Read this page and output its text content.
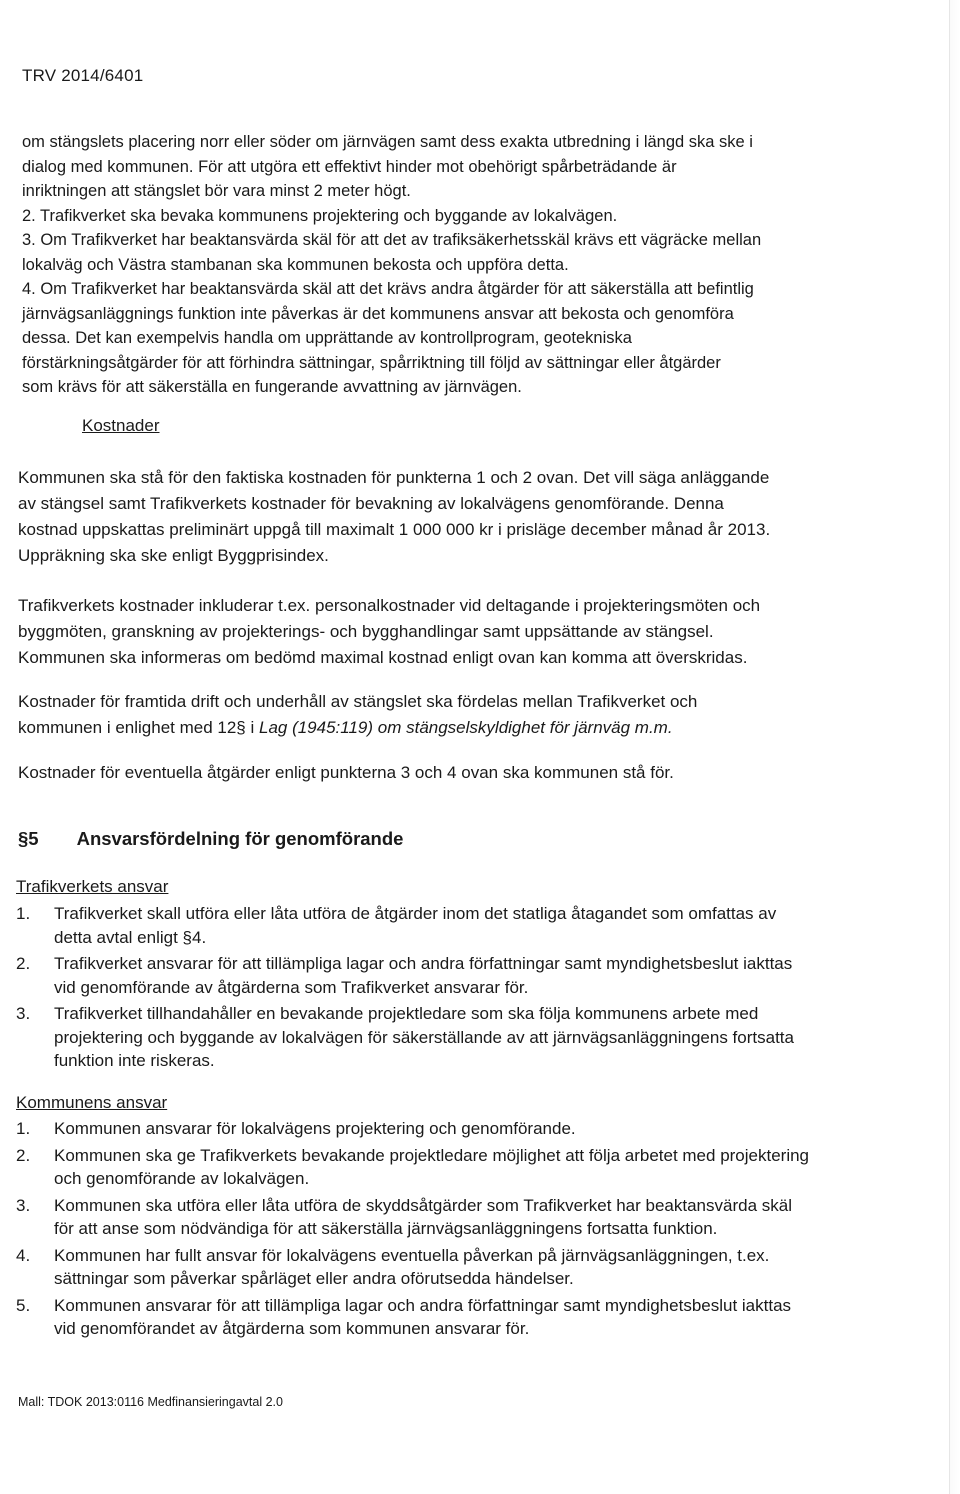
TRV 2014/6401

om stängslets placering norr eller söder om järnvägen samt dess exakta utbredning i längd ska ske i

dialog med kommunen. För att utgöra ett effektivt hinder mot obehörigt spårbeträdande är

inriktningen att stängslet bör vara minst 2 meter högt.

2. Trafikverket ska bevaka kommunens projektering och byggande av lokalvägen.

3. Om Trafikverket har beaktansvärda skäl för att det av trafiksäkerhetsskäl krävs ett vägräcke mellan

lokalväg och Västra stambanan ska kommunen bekosta och uppföra detta.

4. Om Trafikverket har beaktansvärda skäl att det krävs andra åtgärder för att säkerställa att befintlig

järnvägsanläggnings funktion inte påverkas är det kommunens ansvar att bekosta och genomföra

dessa. Det kan exempelvis handla om upprättande av kontrollprogram, geotekniska

förstärkningsåtgärder för att förhindra sättningar, spårriktning till följd av sättningar eller åtgärder

som krävs för att säkerställa en fungerande avvattning av järnvägen.

Kostnader

Kommunen ska stå för den faktiska kostnaden för punkterna 1 och 2 ovan. Det vill säga anläggande

av stängsel samt Trafikverkets kostnader för bevakning av lokalvägens genomförande. Denna

kostnad uppskattas preliminärt uppgå till maximalt 1 000 000 kr i prisläge december månad år 2013.

Uppräkning ska ske enligt Byggprisindex.

Trafikverkets kostnader inkluderar t.ex. personalkostnader vid deltagande i projekteringsmöten och

byggmöten, granskning av projekterings- och bygghandlingar samt uppsättande av stängsel.

Kommunen ska informeras om bedömd maximal kostnad enligt ovan kan komma att överskridas.

Kostnader för framtida drift och underhåll av stängslet ska fördelas mellan Trafikverket och

kommunen i enlighet med 12§ i Lag (1945:119) om stängselskyldighet för järnväg m.m.

Kostnader för eventuella åtgärder enligt punkterna 3 och 4 ovan ska kommunen stå för.

§5 Ansvarsfördelning för genomförande
Trafikverkets ansvar
1.	Trafikverket skall utföra eller låta utföra de åtgärder inom det statliga åtagandet som omfattas av detta avtal enligt §4.
2.	Trafikverket ansvarar för att tillämpliga lagar och andra författningar samt myndighetsbeslut iakttas vid genomförande av åtgärderna som Trafikverket ansvarar för.
3.	Trafikverket tillhandahåller en bevakande projektledare som ska följa kommunens arbete med projektering och byggande av lokalvägen för säkerställande av att järnvägsanläggningens fortsatta funktion inte riskeras.
Kommunens ansvar
1.	Kommunen ansvarar för lokalvägens projektering och genomförande.
2.	Kommunen ska ge Trafikverkets bevakande projektledare möjlighet att följa arbetet med projektering och genomförande av lokalvägen.
3.	Kommunen ska utföra eller låta utföra de skyddsåtgärder som Trafikverket har beaktansvärda skäl för att anse som nödvändiga för att säkerställa järnvägsanläggningens fortsatta funktion.
4.	Kommunen har fullt ansvar för lokalvägens eventuella påverkan på järnvägsanläggningen, t.ex. sättningar som påverkar spårläget eller andra oförutsedda händelser.
5.	Kommunen ansvarar för att tillämpliga lagar och andra författningar samt myndighetsbeslut iakttas vid genomförandet av åtgärderna som kommunen ansvarar för.
Mall: TDOK 2013:0116 Medfinansieringavtal 2.0
